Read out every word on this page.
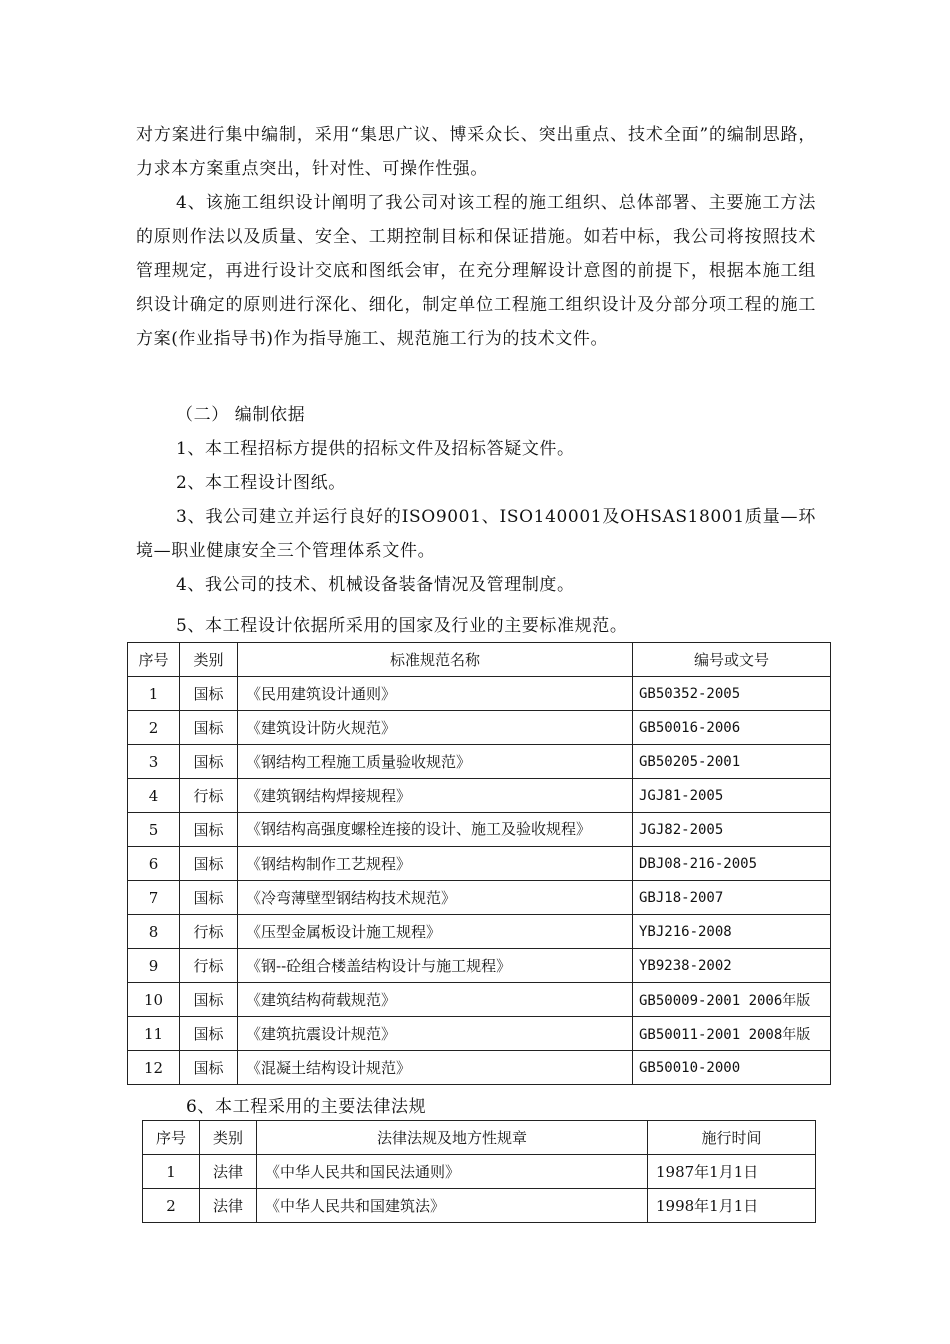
对方案进行集中编制，采用“集思广议、博采众长、突出重点、技术全面”的编制思路，力求本方案重点突出，针对性、可操作性强。

4、该施工组织设计阐明了我公司对该工程的施工组织、总体部署、主要施工方法的原则作法以及质量、安全、工期控制目标和保证措施。如若中标，我公司将按照技术管理规定，再进行设计交底和图纸会审，在充分理解设计意图的前提下，根据本施工组织设计确定的原则进行深化、细化，制定单位工程施工组织设计及分部分项工程的施工方案(作业指导书)作为指导施工、规范施工行为的技术文件。

（二） 编制依据

1、本工程招标方提供的招标文件及招标答疑文件。

2、本工程设计图纸。

3、我公司建立并运行良好的ISO9001、ISO140001及OHSAS18001质量—环境—职业健康安全三个管理体系文件。

4、我公司的技术、机械设备装备情况及管理制度。

5、本工程设计依据所采用的国家及行业的主要标准规范。

序号	类别	标准规范名称	编号或文号
1	国标	《民用建筑设计通则》	GB50352-2005
2	国标	《建筑设计防火规范》	GB50016-2006
3	国标	《钢结构工程施工质量验收规范》	GB50205-2001
4	行标	《建筑钢结构焊接规程》	JGJ81-2005
5	国标	《钢结构高强度螺栓连接的设计、施工及验收规程》	JGJ82-2005
6	国标	《钢结构制作工艺规程》	DBJ08-216-2005
7	国标	《冷弯薄壁型钢结构技术规范》	GBJ18-2007
8	行标	《压型金属板设计施工规程》	YBJ216-2008
9	行标	《钢--砼组合楼盖结构设计与施工规程》	YB9238-2002
10	国标	《建筑结构荷载规范》	GB50009-2001 2006年版
11	国标	《建筑抗震设计规范》	GB50011-2001 2008年版
12	国标	《混凝土结构设计规范》	GB50010-2000

6、本工程采用的主要法律法规

序号	类别	法律法规及地方性规章	施行时间
1	法律	《中华人民共和国民法通则》	1987年1月1日
2	法律	《中华人民共和国建筑法》	1998年1月1日
